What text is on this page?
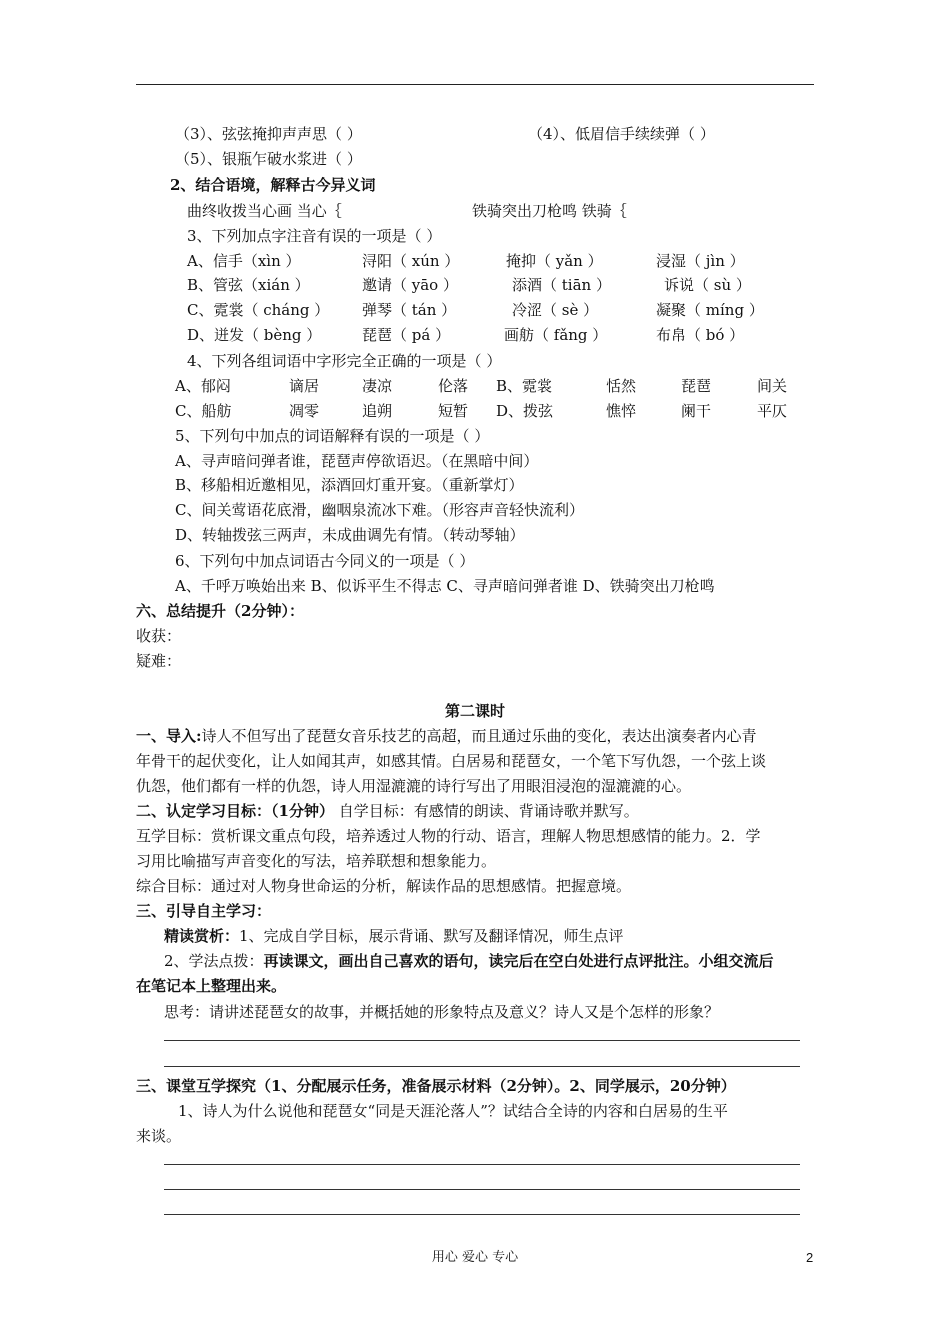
（3）、弦弦掩抑声声思（ ）	（4）、低眉信手续续弹（ ）
（5）、银瓶乍破水浆进（ ）
2、结合语境，解释古今异义词
曲终收拨当心画 当心｛	铁骑突出刀枪鸣 铁骑｛
3、下列加点字注音有误的一项是（ ）
A、信手（xìn ）	浔阳（ xún ）	掩抑（ yǎn ）	浸湿（ jìn ）
B、管弦（xián ）	邀请（ yāo ）	添酒（ tiān ）	诉说（ sù ）
C、霓裳（ cháng ） 弹琴（ tán ）	冷涩（ sè ）	凝聚（ míng ）
D、迸发（ bèng ）	琵琶（ pá ）	画舫（ fǎng ）	布帛（ bó ）
4、下列各组词语中字形完全正确的一项是（ ）
A、郁闷	谪居	凄凉	伦落 B、霓裳	恬然	琵琶	间关
C、船舫	凋零	追朔	短暂 D、拨弦	憔悴	阑干	平仄
5、下列句中加点的词语解释有误的一项是（ ）
A、寻声暗问弹者谁，琵琶声停欲语迟。（在黑暗中间）
B、移船相近邀相见，添酒回灯重开宴。（重新掌灯）
C、间关莺语花底滑，幽咽泉流冰下难。（形容声音轻快流利）
D、转轴拨弦三两声，未成曲调先有情。（转动琴轴）
6、下列句中加点词语古今同义的一项是（ ）
A、千呼万唤始出来 B、似诉平生不得志 C、寻声暗问弹者谁 D、铁骑突出刀枪鸣
六、总结提升（2分钟）：
收获：
疑难：
第二课时
一、导入:诗人不但写出了琵琶女音乐技艺的高超，而且通过乐曲的变化，表达出演奏者内心青
年骨干的起伏变化，让人如闻其声，如感其情。白居易和琵琶女，一个笔下写仇怨，一个弦上谈
仇怨，他们都有一样的仇怨，诗人用湿漉漉的诗行写出了用眼泪浸泡的湿漉漉的心。
二、认定学习目标：（1分钟） 自学目标：有感情的朗读、背诵诗歌并默写。
互学目标：赏析课文重点句段，培养透过人物的行动、语言，理解人物思想感情的能力。2．学
习用比喻描写声音变化的写法，培养联想和想象能力。
综合目标：通过对人物身世命运的分析，解读作品的思想感情。把握意境。
三、引导自主学习：
精读赏析：1、完成自学目标，展示背诵、默写及翻译情况，师生点评
2、学法点拨：再读课文，画出自己喜欢的语句，读完后在空白处进行点评批注。小组交流后
在笔记本上整理出来。
思考：请讲述琵琶女的故事，并概括她的形象特点及意义？诗人又是个怎样的形象？
三、课堂互学探究（1、分配展示任务，准备展示材料（2分钟）。2、同学展示，20分钟）
1、诗人为什么说他和琵琶女“同是天涯沦落人”？试结合全诗的内容和白居易的生平
来谈。
用心 爱心 专心	2
